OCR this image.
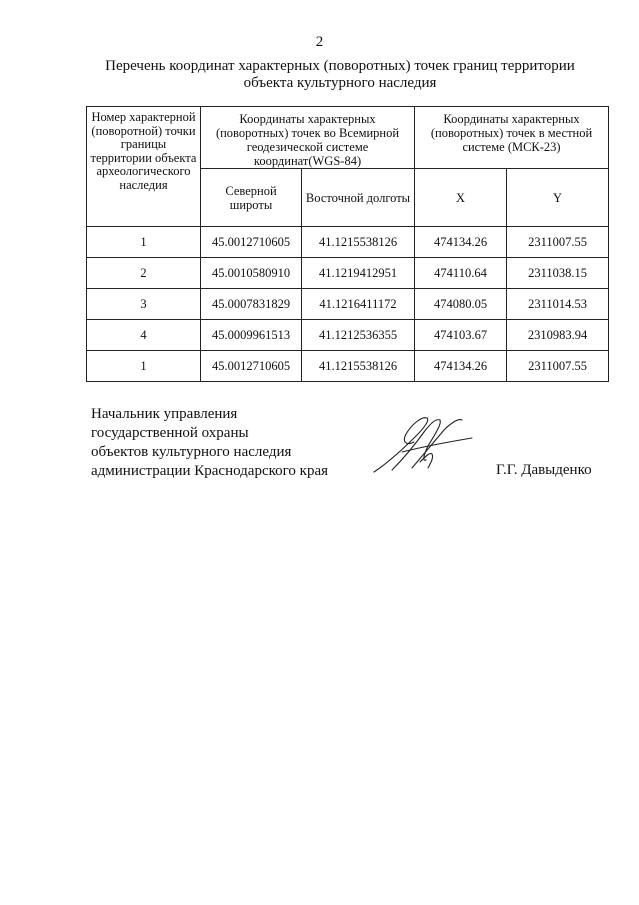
2
Перечень координат характерных (поворотных) точек границ территории
объекта культурного наследия
Номер характерной (поворотной) точки границы территории объекта археологического наследия	Координаты характерных (поворотных) точек во Всемирной геодезической системе координат(WGS-84)		Координаты характерных (поворотных) точек в местной системе (МСК-23)	
	Северной широты	Восточной долготы	X	Y
1	45.0012710605	41.1215538126	474134.26	2311007.55
2	45.0010580910	41.1219412951	474110.64	2311038.15
3	45.0007831829	41.1216411172	474080.05	2311014.53
4	45.0009961513	41.1212536355	474103.67	2310983.94
1	45.0012710605	41.1215538126	474134.26	2311007.55
Начальник управления
государственной охраны
объектов культурного наследия
администрации Краснодарского края	Г.Г. Давыденко
